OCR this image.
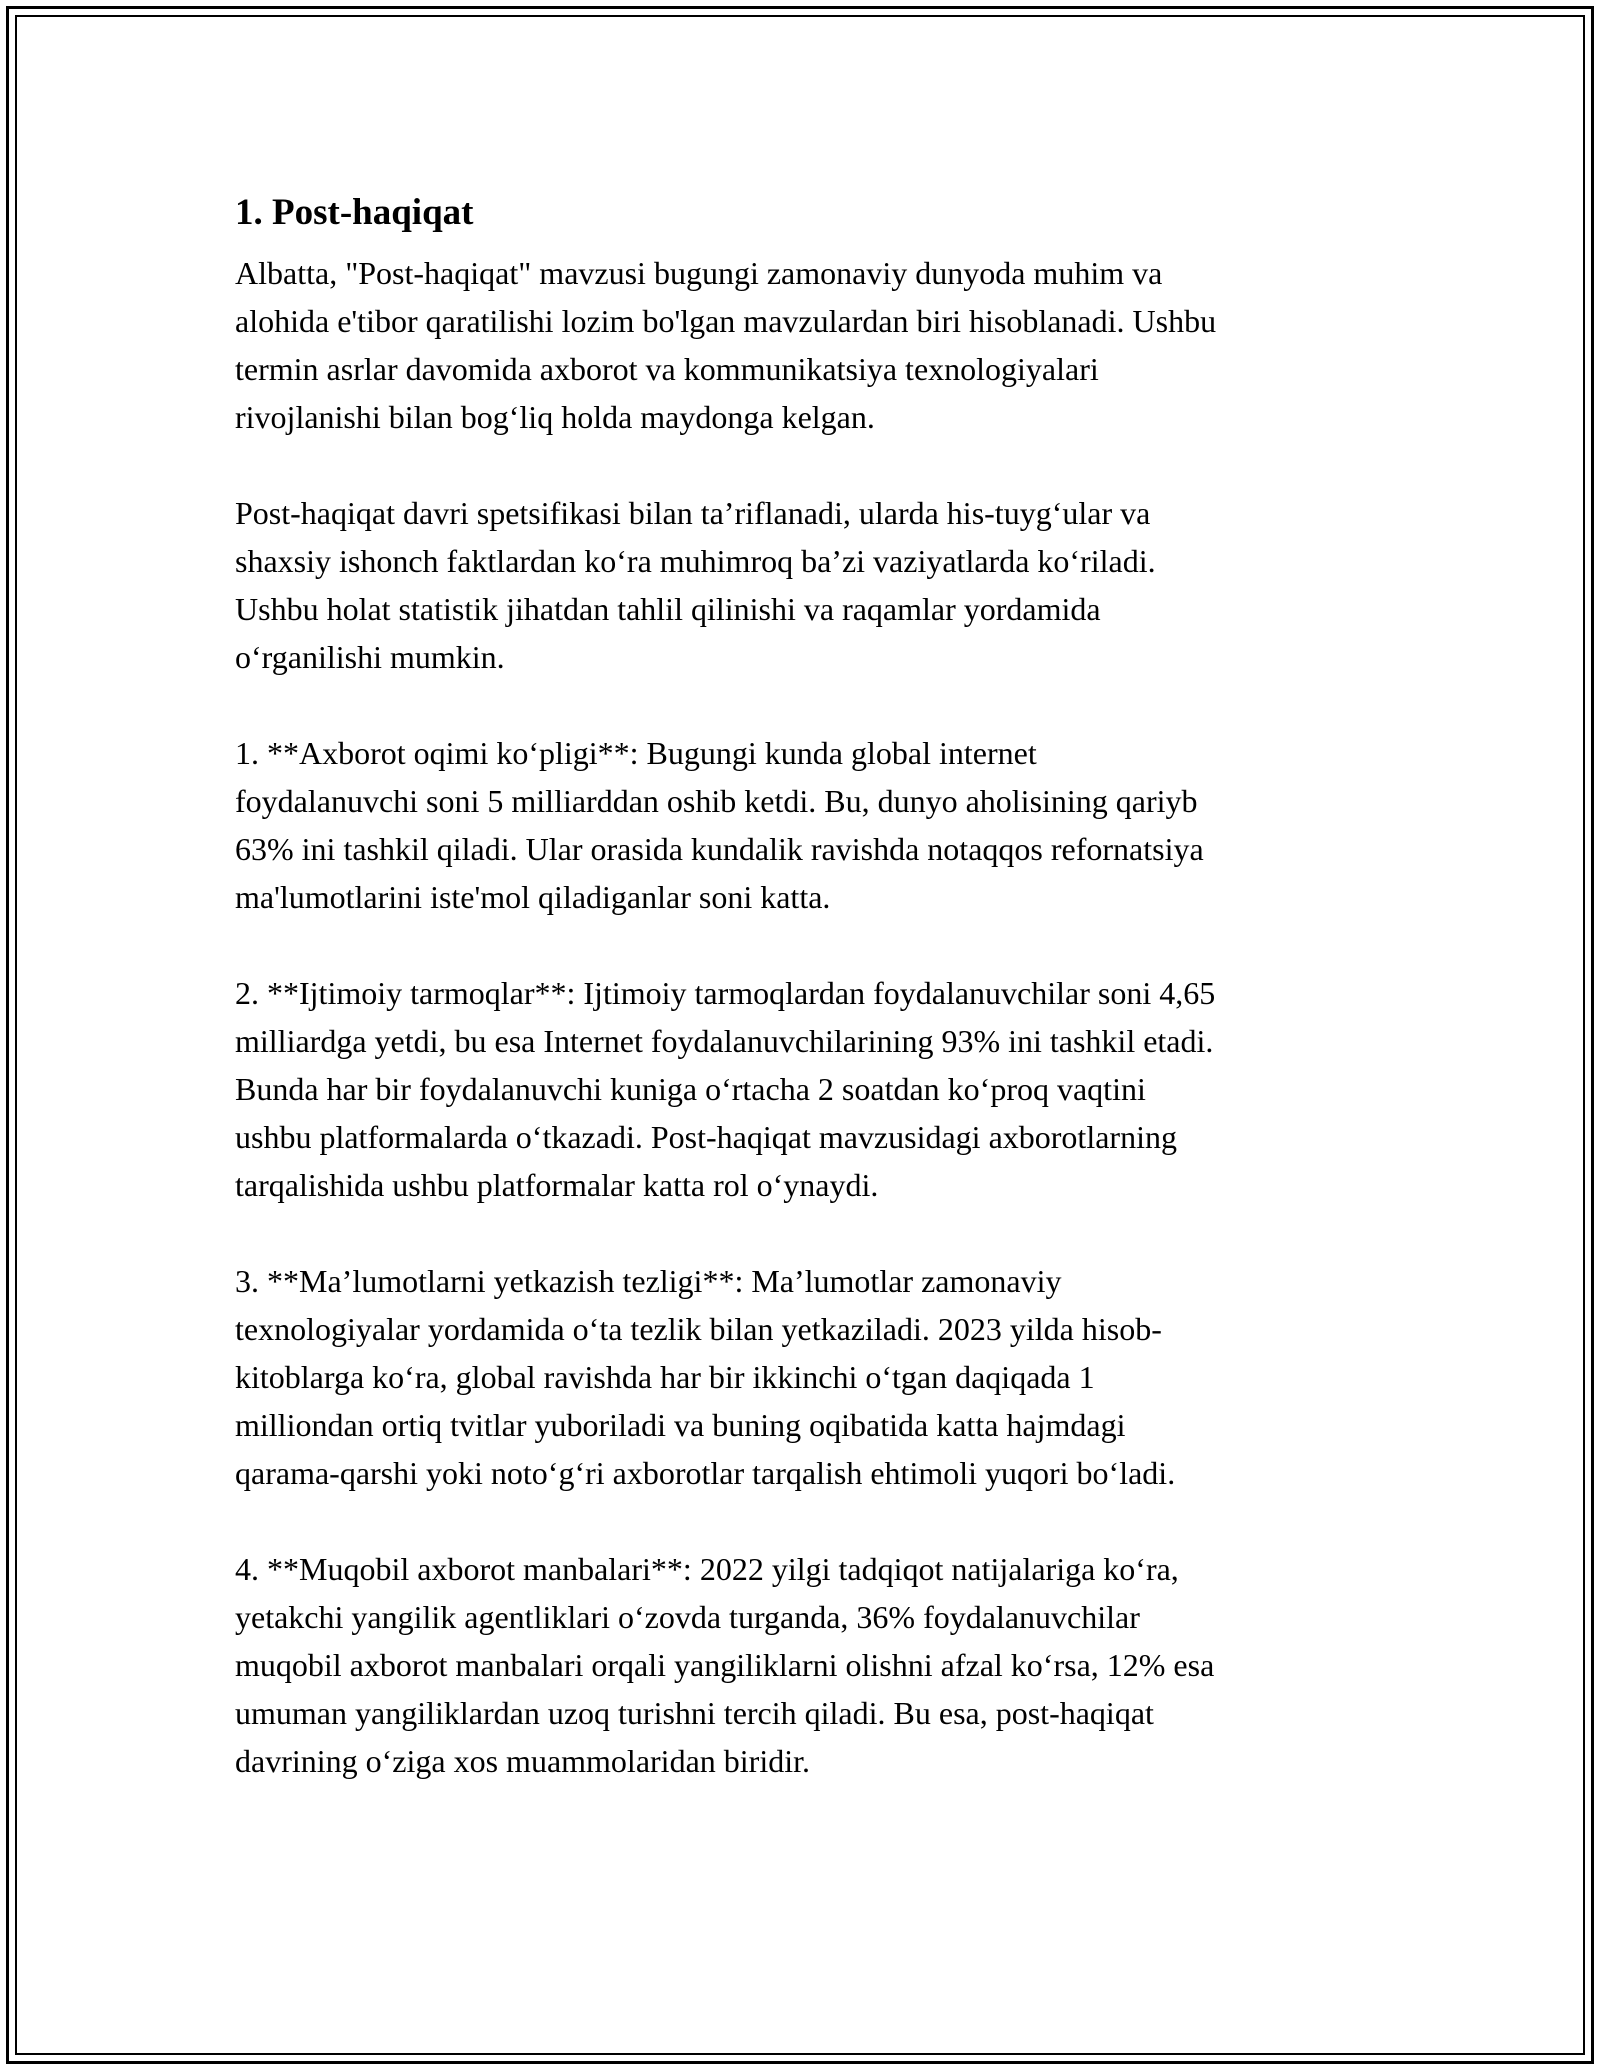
1. Post-haqiqat

Albatta, "Post-haqiqat" mavzusi bugungi zamonaviy dunyoda muhim va
alohida e'tibor qaratilishi lozim bo'lgan mavzulardan biri hisoblanadi. Ushbu
termin asrlar davomida axborot va kommunikatsiya texnologiyalari
rivojlanishi bilan bog‘liq holda maydonga kelgan.

Post-haqiqat davri spetsifikasi bilan ta’riflanadi, ularda his-tuyg‘ular va
shaxsiy ishonch faktlardan ko‘ra muhimroq ba’zi vaziyatlarda ko‘riladi.
Ushbu holat statistik jihatdan tahlil qilinishi va raqamlar yordamida
o‘rganilishi mumkin.

1. **Axborot oqimi ko‘pligi**: Bugungi kunda global internet
foydalanuvchi soni 5 milliarddan oshib ketdi. Bu, dunyo aholisining qariyb
63% ini tashkil qiladi. Ular orasida kundalik ravishda notaqqos refornatsiya
ma'lumotlarini iste'mol qiladiganlar soni katta.

2. **Ijtimoiy tarmoqlar**: Ijtimoiy tarmoqlardan foydalanuvchilar soni 4,65
milliardga yetdi, bu esa Internet foydalanuvchilarining 93% ini tashkil etadi.
Bunda har bir foydalanuvchi kuniga o‘rtacha 2 soatdan ko‘proq vaqtini
ushbu platformalarda o‘tkazadi. Post-haqiqat mavzusidagi axborotlarning
tarqalishida ushbu platformalar katta rol o‘ynaydi.

3. **Ma’lumotlarni yetkazish tezligi**: Ma’lumotlar zamonaviy
texnologiyalar yordamida o‘ta tezlik bilan yetkaziladi. 2023 yilda hisob-
kitoblarga ko‘ra, global ravishda har bir ikkinchi o‘tgan daqiqada 1
milliondan ortiq tvitlar yuboriladi va buning oqibatida katta hajmdagi
qarama-qarshi yoki noto‘g‘ri axborotlar tarqalish ehtimoli yuqori bo‘ladi.

4. **Muqobil axborot manbalari**: 2022 yilgi tadqiqot natijalariga ko‘ra,
yetakchi yangilik agentliklari o‘zovda turganda, 36% foydalanuvchilar
muqobil axborot manbalari orqali yangiliklarni olishni afzal ko‘rsa, 12% esa
umuman yangiliklardan uzoq turishni tercih qiladi. Bu esa, post-haqiqat
davrining o‘ziga xos muammolaridan biridir.
